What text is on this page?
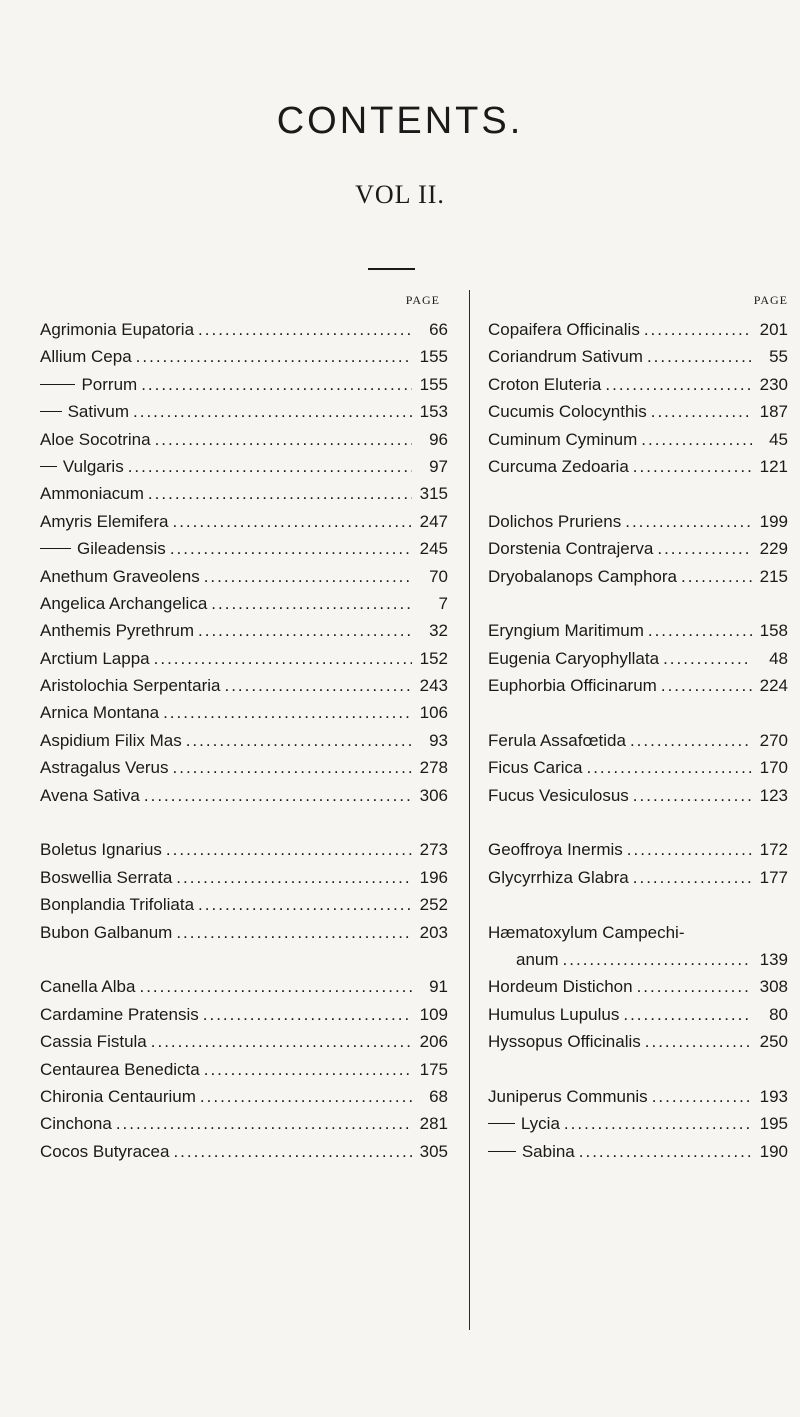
CONTENTS.
VOL II.
PAGE
Agrimonia Eupatoria .....	66
Allium Cepa .....	155
Porrum .....	155
Sativum .....	153
Aloe Socotrina .....	96
Vulgaris .....	97
Ammoniacum .....	315
Amyris Elemifera .....	247
Gileadensis .....	245
Anethum Graveolens .....	70
Angelica Archangelica .....	7
Anthemis Pyrethrum .....	32
Arctium Lappa .....	152
Aristolochia Serpentaria .....	243
Arnica Montana .....	106
Aspidium Filix Mas .....	93
Astragalus Verus .....	278
Avena Sativa .....	306
Boletus Ignarius .....	273
Boswellia Serrata .....	196
Bonplandia Trifoliata .....	252
Bubon Galbanum .....	203
Canella Alba .....	91
Cardamine Pratensis .....	109
Cassia Fistula .....	206
Centaurea Benedicta .....	175
Chironia Centaurium .....	68
Cinchona .....	281
Cocos Butyracea .....	305
PAGE
Copaifera Officinalis .....	201
Coriandrum Sativum .....	55
Croton Eluteria .....	230
Cucumis Colocynthis .....	187
Cuminum Cyminum .....	45
Curcuma Zedoaria .....	121
Dolichos Pruriens .....	199
Dorstenia Contrajerva .....	229
Dryobalanops Camphora .....	215
Eryngium Maritimum .....	158
Eugenia Caryophyllata .....	48
Euphorbia Officinarum .....	224
Ferula Assafœtida .....	270
Ficus Carica .....	170
Fucus Vesiculosus .....	123
Geoffroya Inermis .....	172
Glycyrrhiza Glabra .....	177
Hæmatoxylum Campechi-
anum .....	139
Hordeum Distichon .....	308
Humulus Lupulus .....	80
Hyssopus Officinalis .....	250
Juniperus Communis .....	193
Lycia .....	195
Sabina .....	190
